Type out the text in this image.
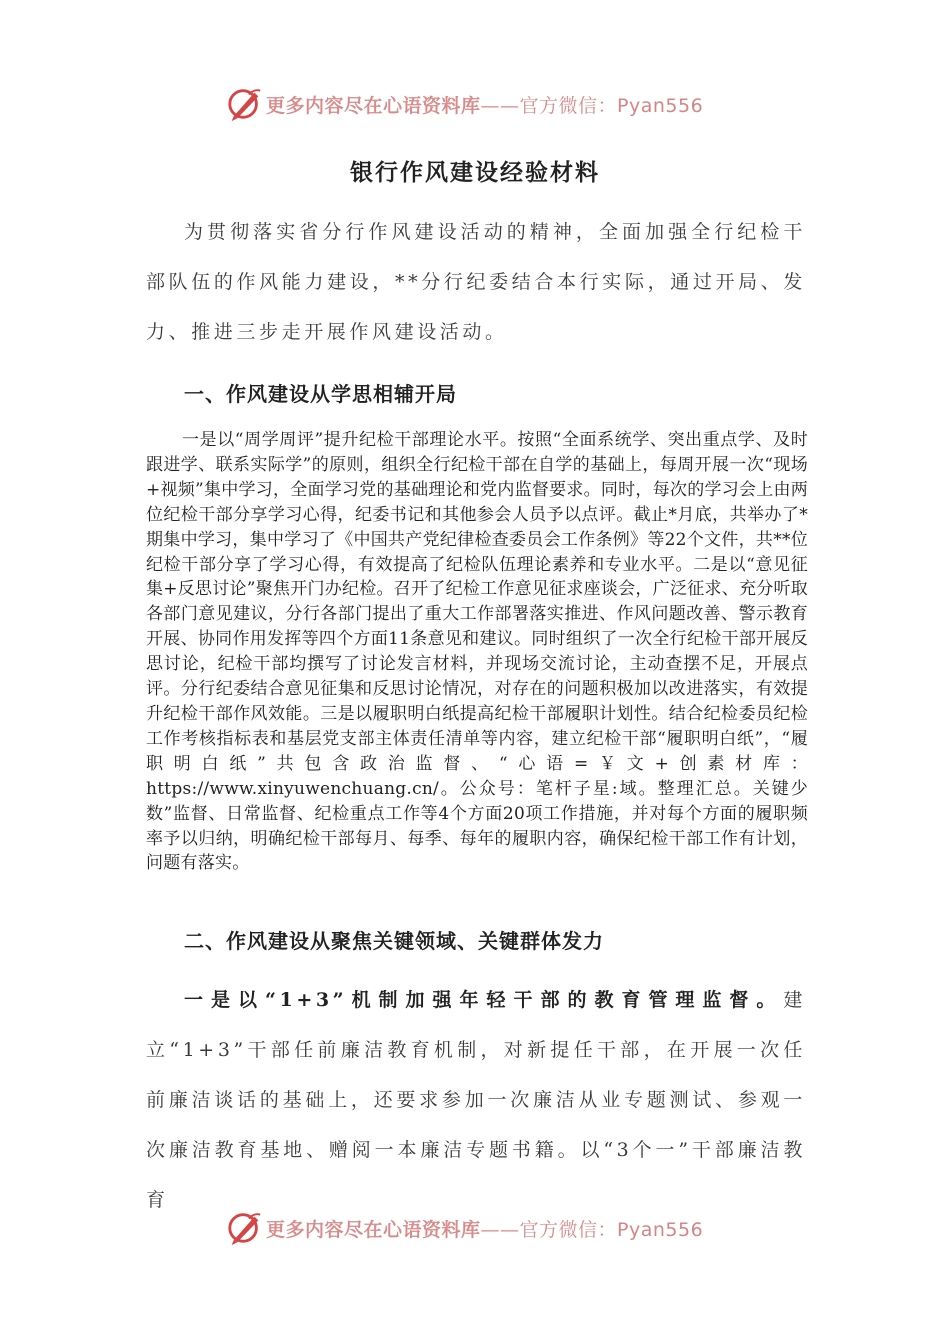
更多内容尽在心语资料库——官方微信：Pyan556
银行作风建设经验材料

为贯彻落实省分行作风建设活动的精神，全面加强全行纪检干部队伍的作风能力建设，**分行纪委结合本行实际，通过开局、发力、推进三步走开展作风建设活动。

一、作风建设从学思相辅开局

一是以“周学周评”提升纪检干部理论水平。按照“全面系统学、突出重点学、及时跟进学、联系实际学”的原则，组织全行纪检干部在自学的基础上，每周开展一次“现场+视频”集中学习，全面学习党的基础理论和党内监督要求。同时，每次的学习会上由两位纪检干部分享学习心得，纪委书记和其他参会人员予以点评。截止*月底，共举办了*期集中学习，集中学习了《中国共产党纪律检查委员会工作条例》等22个文件，共**位纪检干部分享了学习心得，有效提高了纪检队伍理论素养和专业水平。二是以“意见征集+反思讨论”聚焦开门办纪检。召开了纪检工作意见征求座谈会，广泛征求、充分听取各部门意见建议，分行各部门提出了重大工作部署落实推进、作风问题改善、警示教育开展、协同作用发挥等四个方面11条意见和建议。同时组织了一次全行纪检干部开展反思讨论，纪检干部均撰写了讨论发言材料，并现场交流讨论，主动查摆不足，开展点评。分行纪委结合意见征集和反思讨论情况，对存在的问题积极加以改进落实，有效提升纪检干部作风效能。三是以履职明白纸提高纪检干部履职计划性。结合纪检委员纪检工作考核指标表和基层党支部主体责任清单等内容，建立纪检干部“履职明白纸”，“履职明白纸”共包含政治监督、“心语=￥文+创素材库：https://www.xinyuwenchuang.cn/。公众号：笔杆子星:域。整理汇总。关键少数”监督、日常监督、纪检重点工作等4个方面20项工作措施，并对每个方面的履职频率予以归纳，明确纪检干部每月、每季、每年的履职内容，确保纪检干部工作有计划，问题有落实。

二、作风建设从聚焦关键领域、关键群体发力

一是以“1+3”机制加强年轻干部的教育管理监督。建立“1+3”干部任前廉洁教育机制，对新提任干部，在开展一次任前廉洁谈话的基础上，还要求参加一次廉洁从业专题测试、参观一次廉洁教育基地、赠阅一本廉洁专题书籍。以“3个一”干部廉洁教育

更多内容尽在心语资料库——官方微信：Pyan556
